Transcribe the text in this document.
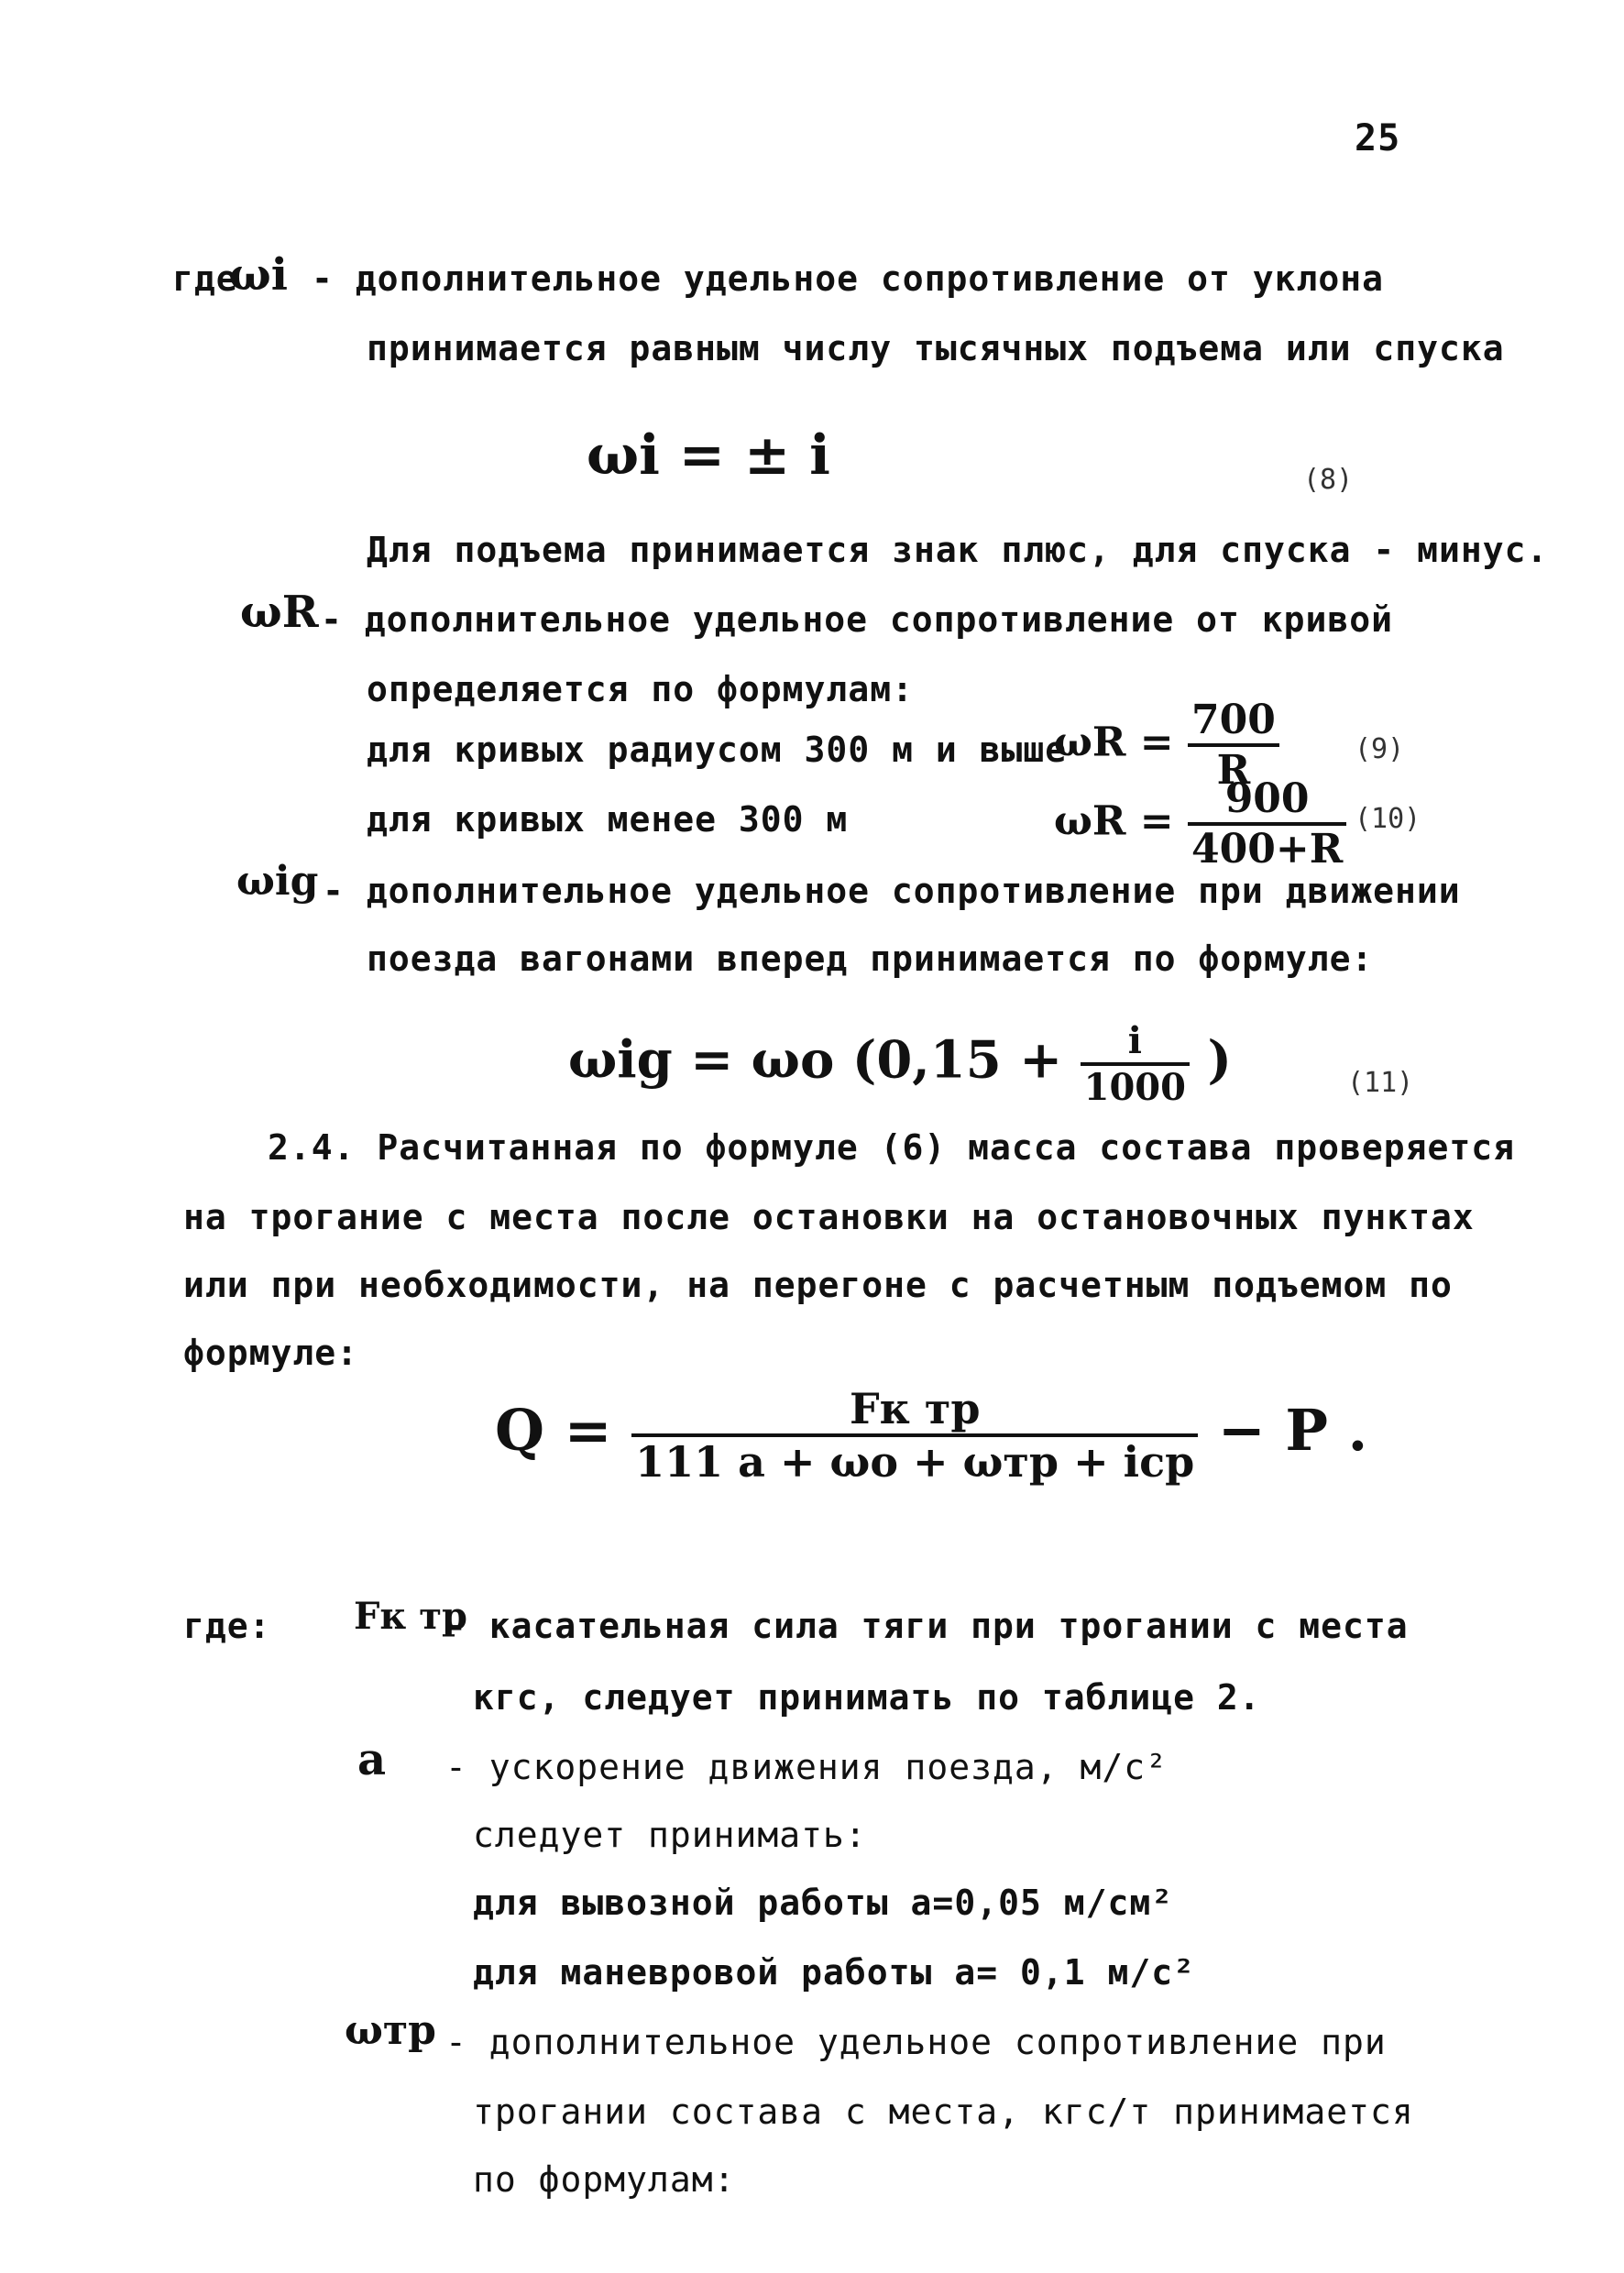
25
где
ωi - дополнительное удельное сопротивление от уклона
принимается равным числу тысячных подъема или спуска
ωi = ± i	(8)
Для подъема принимается знак плюс, для спуска - минус.
ωR - дополнительное удельное сопротивление от кривой
определяется по формулам:
для кривых радиусом 300 м и выше
для кривых менее 300 м
$\omega R = \frac{700}{R}$	(9)
$\omega R = \frac{900}{400+R} (10)$
ωig - дополнительное удельное сопротивление при движении
поезда вагонами вперед принимается по формуле:
ωig = ωo ($0,15 + \frac{i}{1000}$ )	(11)
2.4. Расчитанная по формуле (6) масса состава проверяется
на трогание с места после остановки на остановочных пунктах
или при необходимости, на перегоне с расчетным подъемом по
формуле:
$Q = \frac{\text{Fк тр}}{\text{111 a + ωo + ωтр + iср}} - P$ .
где: Fк тр
- касательная сила тяги при трогании с места
кгс, следует принимать по таблице 2.
a - ускорение движения поезда, м/с²
следует принимать:
для вывозной работы а=0,05 м/см²
для маневровой работы а= 0,1 м/с²
ωтр - дополнительное удельное сопротивление при
трогании состава с места, кгс/т принимается
по формулам:
